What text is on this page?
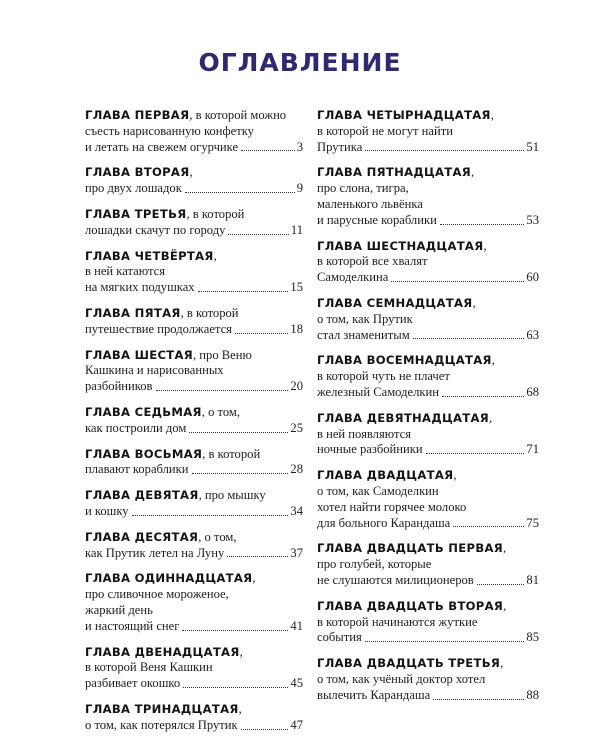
ОГЛАВЛЕНИЕ
ГЛАВА ПЕРВАЯ, в которой можно
съесть нарисованную конфетку
и летать на свежем огурчике	3
ГЛАВА ВТОРАЯ,
про двух лошадок	9
ГЛАВА ТРЕТЬЯ, в которой
лошадки скачут по городу	11
ГЛАВА ЧЕТВЁРТАЯ,
в ней катаются
на мягких подушках	15
ГЛАВА ПЯТАЯ, в которой
путешествие продолжается	18
ГЛАВА ШЕСТАЯ, про Веню
Кашкина и нарисованных
разбойников	20
ГЛАВА СЕДЬМАЯ, о том,
как построили дом	25
ГЛАВА ВОСЬМАЯ, в которой
плавают кораблики	28
ГЛАВА ДЕВЯТАЯ, про мышку
и кошку	34
ГЛАВА ДЕСЯТАЯ, о том,
как Прутик летел на Луну	37
ГЛАВА ОДИННАДЦАТАЯ,
про сливочное мороженое,
жаркий день
и настоящий снег	41
ГЛАВА ДВЕНАДЦАТАЯ,
в которой Веня Кашкин
разбивает окошко	45
ГЛАВА ТРИНАДЦАТАЯ,
о том, как потерялся Прутик	47
ГЛАВА ЧЕТЫРНАДЦАТАЯ,
в которой не могут найти
Прутика	51
ГЛАВА ПЯТНАДЦАТАЯ,
про слона, тигра,
маленького львёнка
и парусные кораблики	53
ГЛАВА ШЕСТНАДЦАТАЯ,
в которой все хвалят
Самоделкина	60
ГЛАВА СЕМНАДЦАТАЯ,
о том, как Прутик
стал знаменитым	63
ГЛАВА ВОСЕМНАДЦАТАЯ,
в которой чуть не плачет
железный Самоделкин	68
ГЛАВА ДЕВЯТНАДЦАТАЯ,
в ней появляются
ночные разбойники	71
ГЛАВА ДВАДЦАТАЯ,
о том, как Самоделкин
хотел найти горячее молоко
для больного Карандаша	75
ГЛАВА ДВАДЦАТЬ ПЕРВАЯ,
про голубей, которые
не слушаются милиционеров	81
ГЛАВА ДВАДЦАТЬ ВТОРАЯ,
в которой начинаются жуткие
события	85
ГЛАВА ДВАДЦАТЬ ТРЕТЬЯ,
о том, как учёный доктор хотел
вылечить Карандаша	88
